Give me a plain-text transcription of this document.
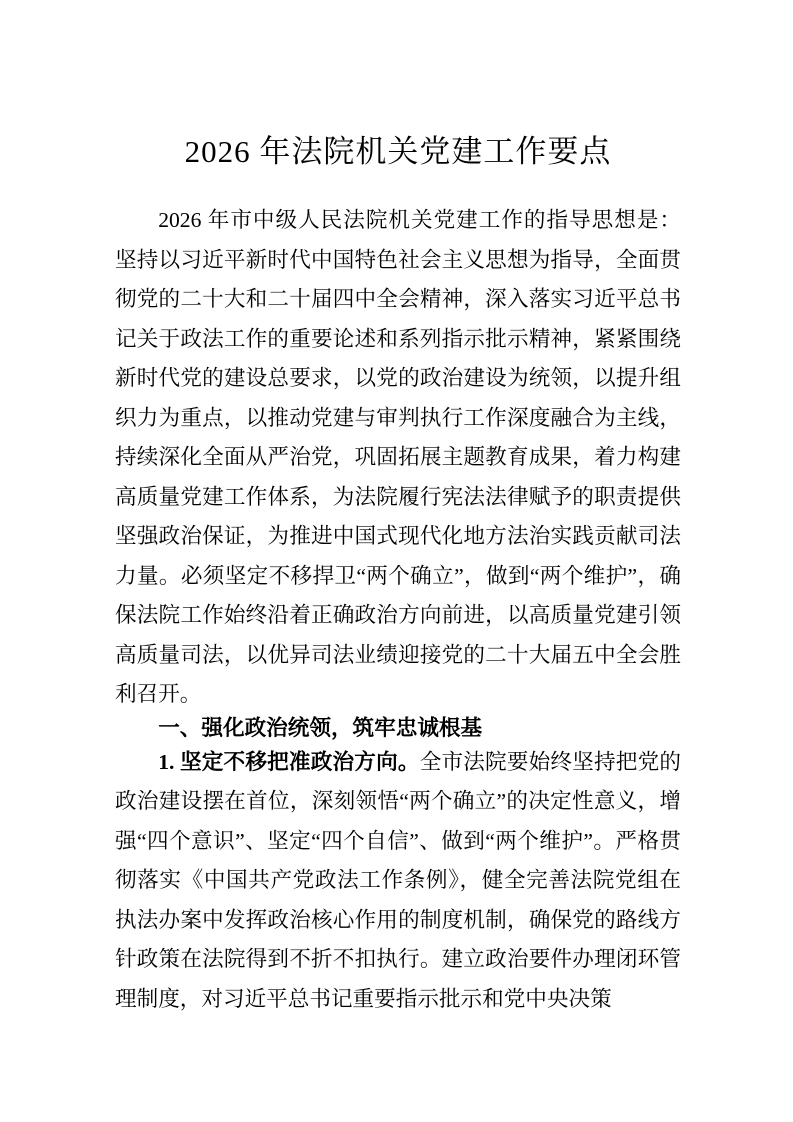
2026 年法院机关党建工作要点

2026 年市中级人民法院机关党建工作的指导思想是：坚持以习近平新时代中国特色社会主义思想为指导，全面贯彻党的二十大和二十届四中全会精神，深入落实习近平总书记关于政法工作的重要论述和系列指示批示精神，紧紧围绕新时代党的建设总要求，以党的政治建设为统领，以提升组织力为重点，以推动党建与审判执行工作深度融合为主线，持续深化全面从严治党，巩固拓展主题教育成果，着力构建高质量党建工作体系，为法院履行宪法法律赋予的职责提供坚强政治保证，为推进中国式现代化地方法治实践贡献司法力量。必须坚定不移捍卫“两个确立”，做到“两个维护”，确保法院工作始终沿着正确政治方向前进，以高质量党建引领高质量司法，以优异司法业绩迎接党的二十大届五中全会胜利召开。

一、强化政治统领，筑牢忠诚根基

1. 坚定不移把准政治方向。全市法院要始终坚持把党的政治建设摆在首位，深刻领悟“两个确立”的决定性意义，增强“四个意识”、坚定“四个自信”、做到“两个维护”。严格贯彻落实《中国共产党政法工作条例》，健全完善法院党组在执法办案中发挥政治核心作用的制度机制，确保党的路线方针政策在法院得到不折不扣执行。建立政治要件办理闭环管理制度，对习近平总书记重要指示批示和党中央决策
